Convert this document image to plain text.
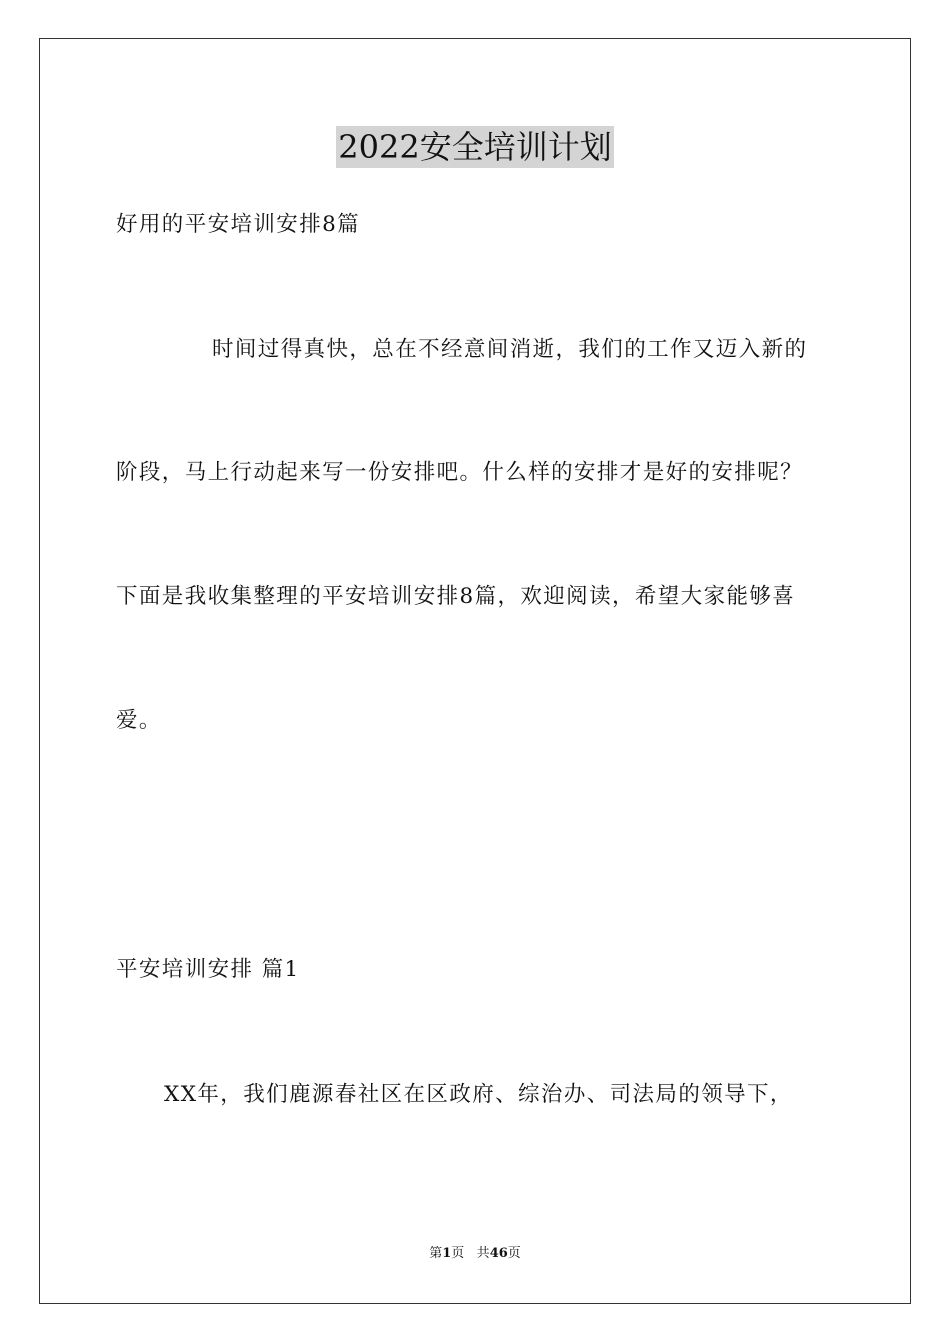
2022安全培训计划
好用的平安培训安排8篇
时间过得真快，总在不经意间消逝，我们的工作又迈入新的
阶段，马上行动起来写一份安排吧。什么样的安排才是好的安排呢？
下面是我收集整理的平安培训安排8篇，欢迎阅读，希望大家能够喜
爱。
平安培训安排 篇1
XX年，我们鹿源春社区在区政府、综治办、司法局的领导下，
第1页 共46页
